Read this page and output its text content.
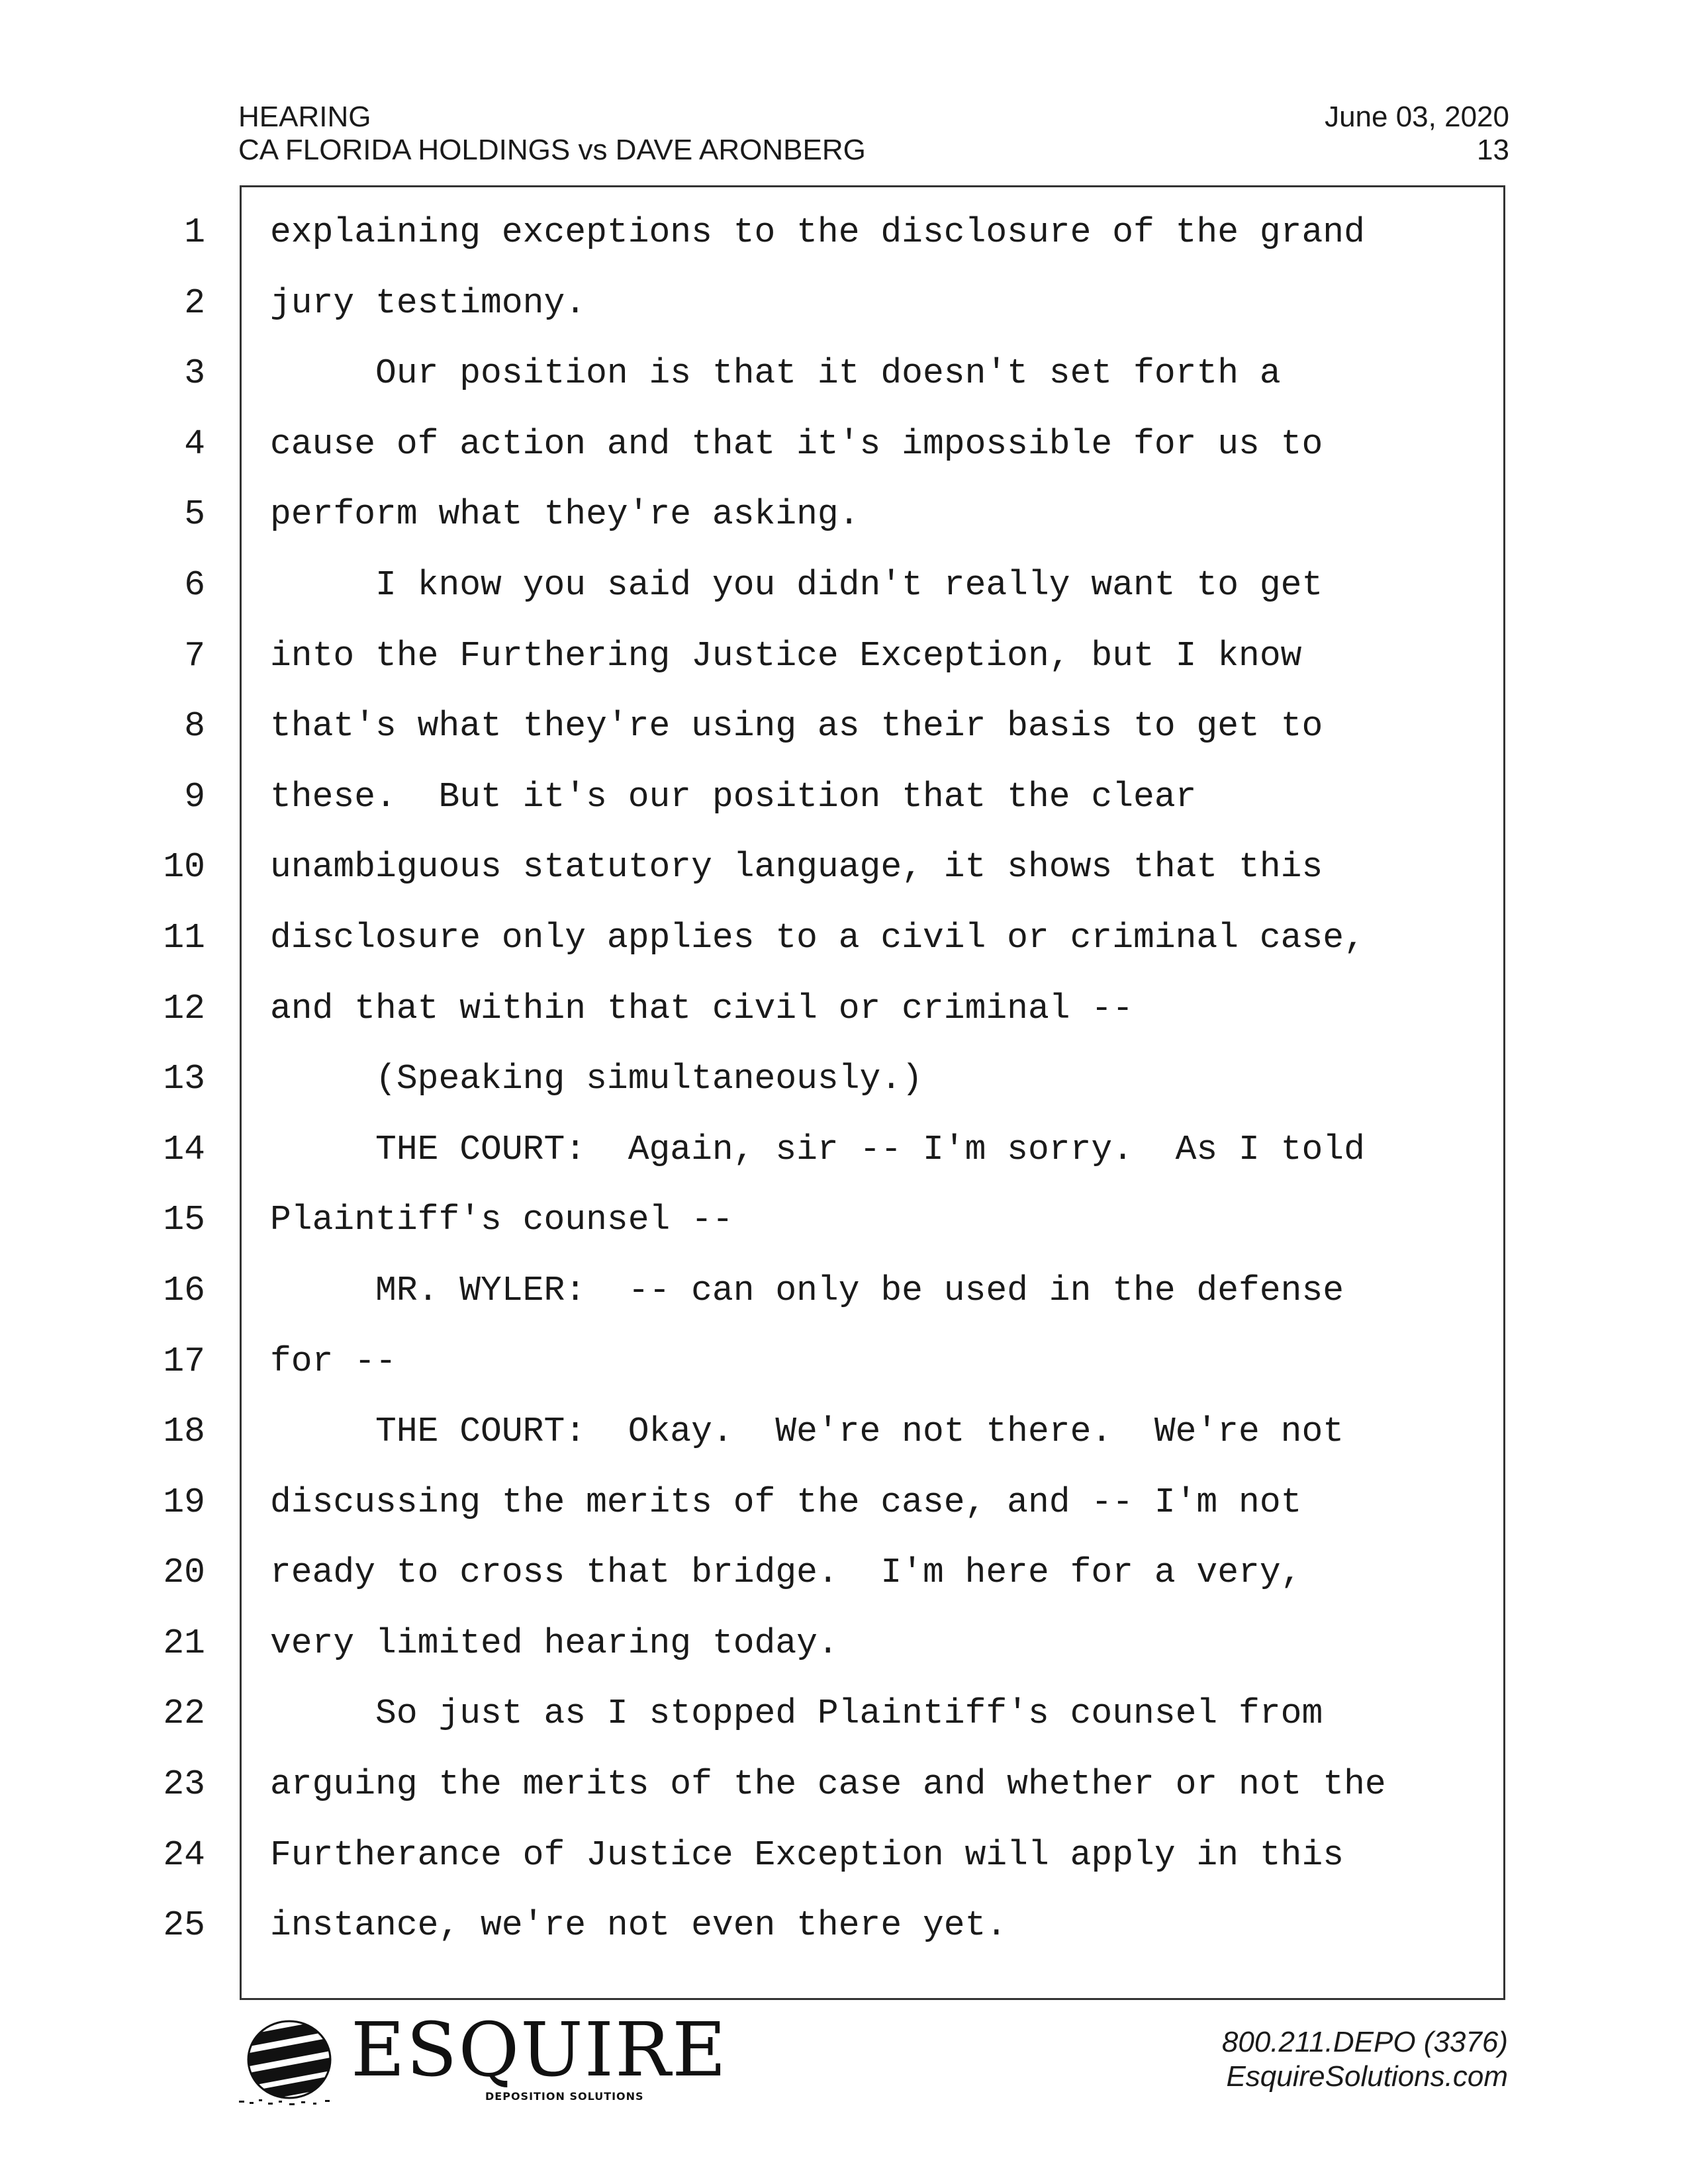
HEARING	June 03, 2020
CA FLORIDA HOLDINGS vs DAVE ARONBERG	13
1 explaining exceptions to the disclosure of the grand
2 jury testimony.
3 Our position is that it doesn't set forth a
4 cause of action and that it's impossible for us to
5 perform what they're asking.
6 I know you said you didn't really want to get
7 into the Furthering Justice Exception, but I know
8 that's what they're using as their basis to get to
9 these.  But it's our position that the clear
10 unambiguous statutory language, it shows that this
11 disclosure only applies to a civil or criminal case,
12 and that within that civil or criminal --
13 (Speaking simultaneously.)
14 THE COURT:  Again, sir -- I'm sorry.  As I told
15 Plaintiff's counsel --
16 MR. WYLER:  -- can only be used in the defense
17 for --
18 THE COURT:  Okay.  We're not there.  We're not
19 discussing the merits of the case, and -- I'm not
20 ready to cross that bridge.  I'm here for a very,
21 very limited hearing today.
22 So just as I stopped Plaintiff's counsel from
23 arguing the merits of the case and whether or not the
24 Furtherance of Justice Exception will apply in this
25 instance, we're not even there yet.
ESQUIRE
DEPOSITION SOLUTIONS
800.211.DEPO (3376)
EsquireSolutions.com
